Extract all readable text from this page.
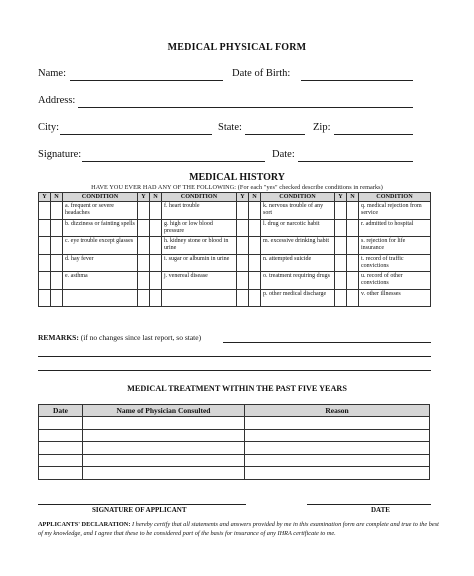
MEDICAL PHYSICAL FORM
Name:	Date of Birth:
Address:
City:	State:	Zip:
Signature:	Date:
MEDICAL HISTORY
HAVE YOU EVER HAD ANY OF THE FOLLOWING: (For each "yes" checked describe conditions in remarks)
Y	N	CONDITION	Y	N	CONDITION	Y	N	CONDITION	Y	N	CONDITION
		a. frequent or severe headaches			f. heart trouble			k. nervous trouble of any sort			q. medical rejection from service
		b. dizziness or fainting spells			g. high or low blood pressure			l. drug or narcotic habit			r. admitted to hospital
		c. eye trouble except glasses			h. kidney stone or blood in urine			m. excessive drinking habit			s. rejection for life insurance
		d. hay fever			i. sugar or albumin in urine			n. attempted suicide			t. record of traffic convictions
		e. asthma			j. venereal disease			o. treatment requiring drugs			u. record of other convictions
								p. other medical discharge			v. other illnesses
REMARKS: (if no changes since last report, so state)
MEDICAL TREATMENT WITHIN THE PAST FIVE YEARS
Date	Name of Physician Consulted	Reason

SIGNATURE OF APPLICANT	DATE
APPLICANTS' DECLARATION: I hereby certify that all statements and answers provided by me in this examination form are complete and true to the best of my knowledge, and I agree that these to be considered part of the basis for insurance of any IHRA certificate to me.
